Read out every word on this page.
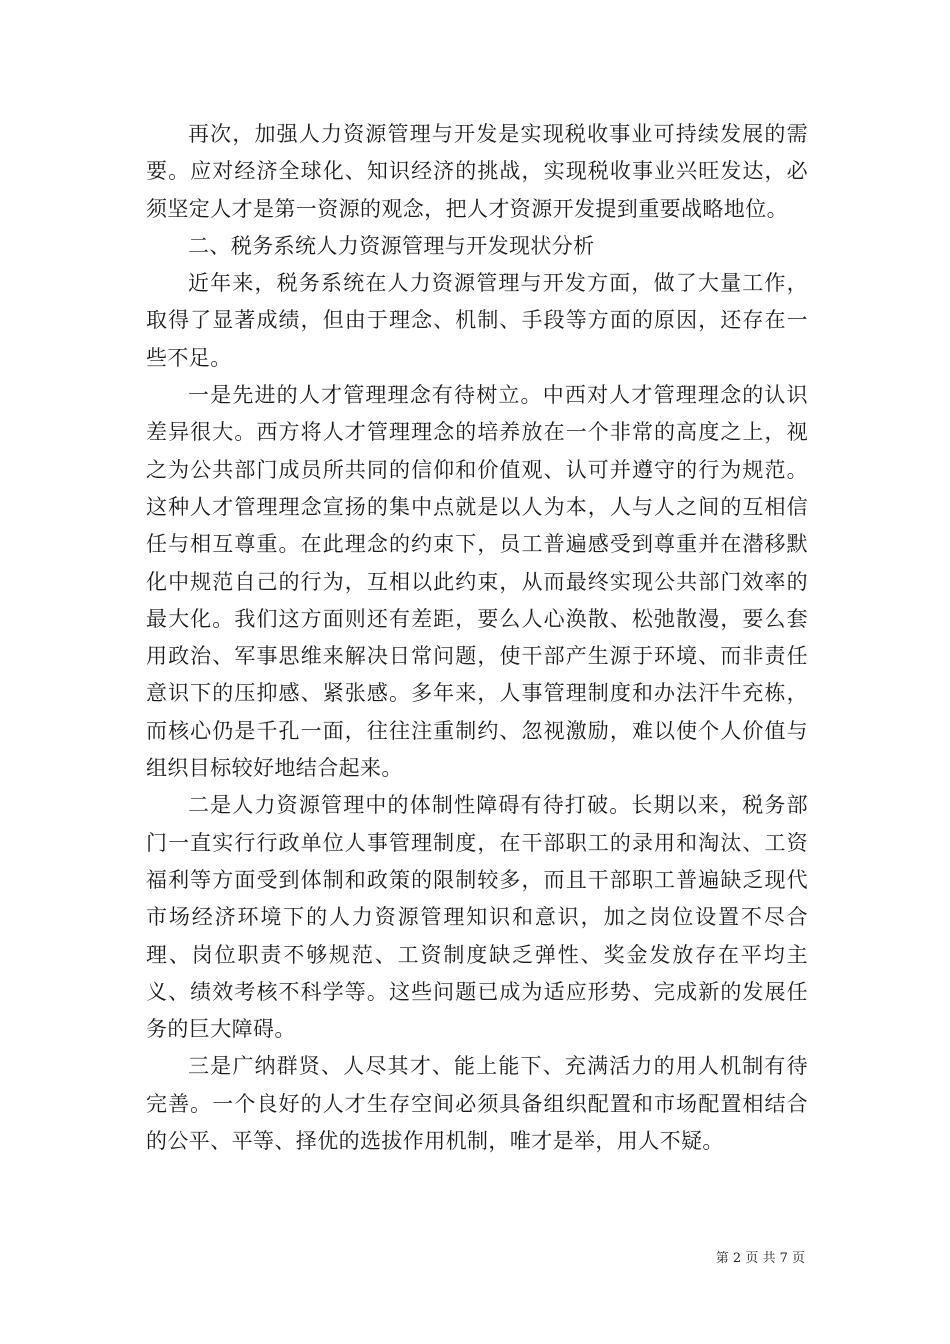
再次，加强人力资源管理与开发是实现税收事业可持续发展的需要。应对经济全球化、知识经济的挑战，实现税收事业兴旺发达，必须坚定人才是第一资源的观念，把人才资源开发提到重要战略地位。

二、税务系统人力资源管理与开发现状分析

近年来，税务系统在人力资源管理与开发方面，做了大量工作，取得了显著成绩，但由于理念、机制、手段等方面的原因，还存在一些不足。

一是先进的人才管理理念有待树立。中西对人才管理理念的认识差异很大。西方将人才管理理念的培养放在一个非常的高度之上，视之为公共部门成员所共同的信仰和价值观、认可并遵守的行为规范。这种人才管理理念宣扬的集中点就是以人为本，人与人之间的互相信任与相互尊重。在此理念的约束下，员工普遍感受到尊重并在潜移默化中规范自己的行为，互相以此约束，从而最终实现公共部门效率的最大化。我们这方面则还有差距，要么人心涣散、松弛散漫，要么套用政治、军事思维来解决日常问题，使干部产生源于环境、而非责任意识下的压抑感、紧张感。多年来，人事管理制度和办法汗牛充栋，而核心仍是千孔一面，往往注重制约、忽视激励，难以使个人价值与组织目标较好地结合起来。

二是人力资源管理中的体制性障碍有待打破。长期以来，税务部门一直实行行政单位人事管理制度，在干部职工的录用和淘汰、工资福利等方面受到体制和政策的限制较多，而且干部职工普遍缺乏现代市场经济环境下的人力资源管理知识和意识，加之岗位设置不尽合理、岗位职责不够规范、工资制度缺乏弹性、奖金发放存在平均主义、绩效考核不科学等。这些问题已成为适应形势、完成新的发展任务的巨大障碍。

三是广纳群贤、人尽其才、能上能下、充满活力的用人机制有待完善。一个良好的人才生存空间必须具备组织配置和市场配置相结合的公平、平等、择优的选拔作用机制，唯才是举，用人不疑。

第 2 页 共 7 页
